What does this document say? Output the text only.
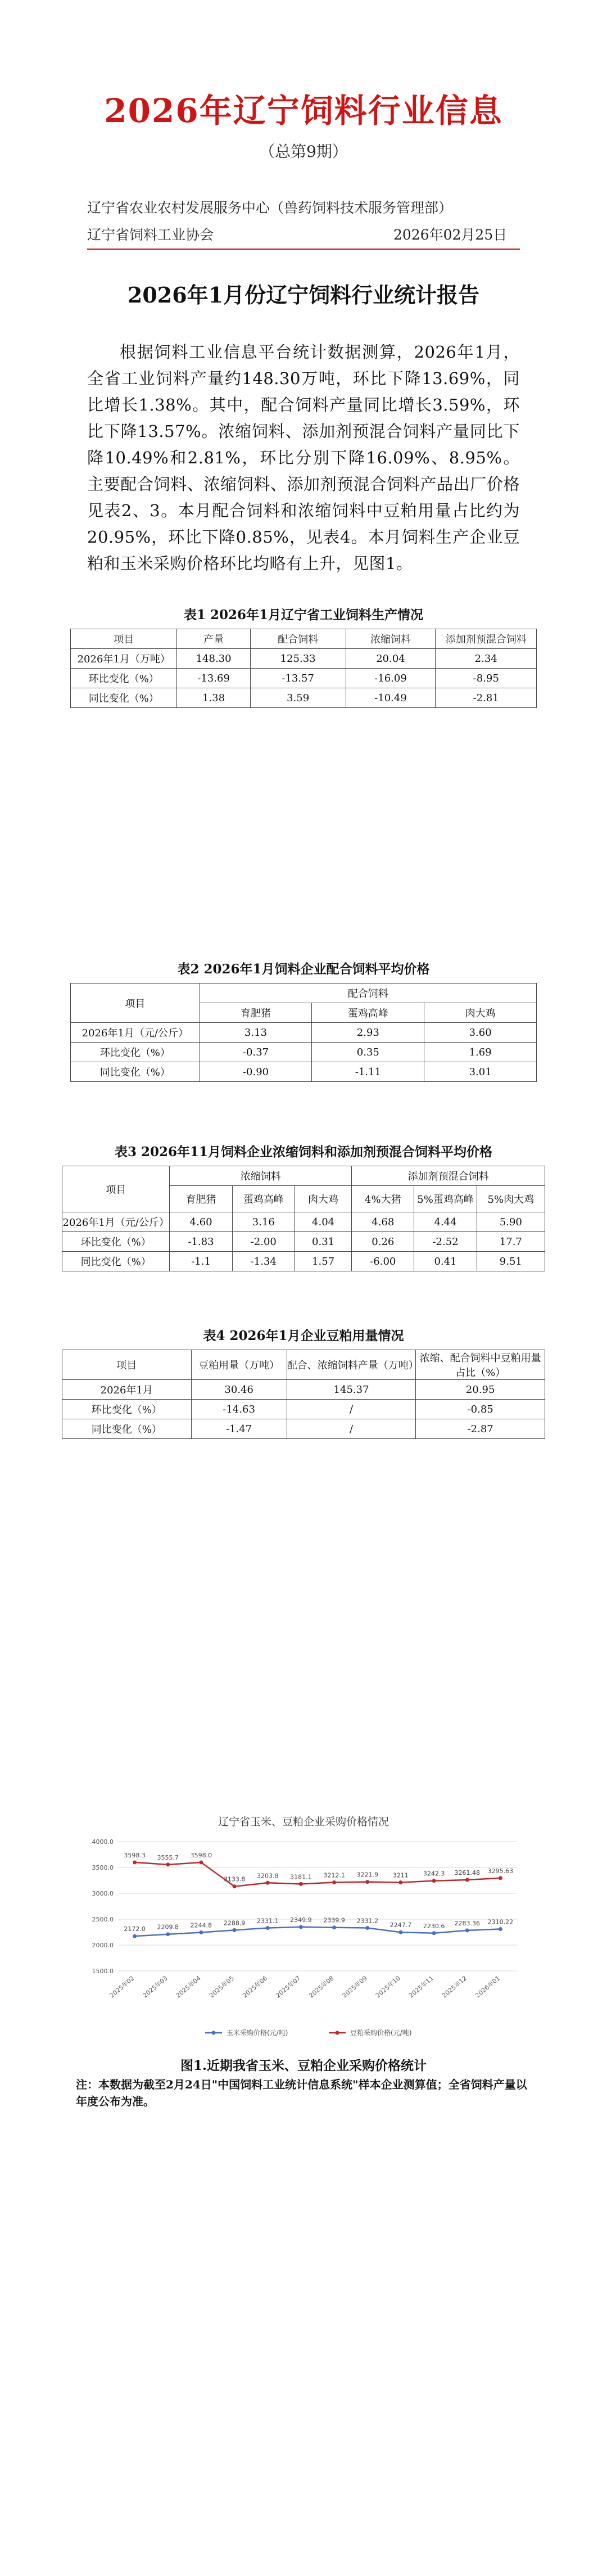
2026年辽宁饲料行业信息
（总第9期）
辽宁省农业农村发展服务中心（兽药饲料技术服务管理部）
辽宁省饲料工业协会	2026年02月25日
2026年1月份辽宁饲料行业统计报告
根据饲料工业信息平台统计数据测算，2026年1月，全省工业饲料产量约148.30万吨，环比下降13.69%，同比增长1.38%。其中，配合饲料产量同比增长3.59%，环比下降13.57%。浓缩饲料、添加剂预混合饲料产量同比下降10.49%和2.81%，环比分别下降16.09%、8.95%。主要配合饲料、浓缩饲料、添加剂预混合饲料产品出厂价格见表2、3。本月配合饲料和浓缩饲料中豆粕用量占比约为20.95%，环比下降0.85%，见表4。本月饲料生产企业豆粕和玉米采购价格环比均略有上升，见图1。
表1 2026年1月辽宁省工业饲料生产情况
项目	产量	配合饲料	浓缩饲料	添加剂预混合饲料
2026年1月（万吨）	148.30	125.33	20.04	2.34
环比变化（%）	-13.69	-13.57	-16.09	-8.95
同比变化（%）	1.38	3.59	-10.49	-2.81
表2 2026年1月饲料企业配合饲料平均价格
项目	配合饲料		
	育肥猪	蛋鸡高峰	肉大鸡
2026年1月（元/公斤）	3.13	2.93	3.60
环比变化（%）	-0.37	0.35	1.69
同比变化（%）	-0.90	-1.11	3.01
表3 2026年11月饲料企业浓缩饲料和添加剂预混合饲料平均价格
项目	浓缩饲料			添加剂预混合饲料		
	育肥猪	蛋鸡高峰	肉大鸡	4%大猪	5%蛋鸡高峰	5%肉大鸡
2026年1月（元/公斤）	4.60	3.16	4.04	4.68	4.44	5.90
环比变化（%）	-1.83	-2.00	0.31	0.26	-2.52	17.7
同比变化（%）	-1.1	-1.34	1.57	-6.00	0.41	9.51
表4 2026年1月企业豆粕用量情况
项目	豆粕用量（万吨）	配合、浓缩饲料产量（万吨）	浓缩、配合饲料中豆粕用量占比（%）
2026年1月	30.46	145.37	20.95
环比变化（%）	-14.63	/	-0.85
同比变化（%）	-1.47	/	-2.87
辽宁省玉米、豆粕企业采购价格情况
4000.0
3500.0
3000.0
2500.0
2000.0
1500.0
2172.0 2209.8 2244.8 2288.9 2331.1 2349.9 2339.9 2331.2
2247.7 2230.6 2283.36 2310.22
3598.3 3555.7 3598.0
3133.8 3203.8 3181.1 3212.1 3221.9 3211 3242.3 3261.48 3295.63
2025年02 2025年03 2025年04 2025年05 2025年06 2025年07 2025年08 2025年09 2025年10 2025年11 2025年12 2026年01
玉米采购价格(元/吨)	豆粕采购价格(元/吨)
图1.近期我省玉米、豆粕企业采购价格统计
注：本数据为截至2月24日"中国饲料工业统计信息系统"样本企业测算值；全省饲料产量以年度公布为准。
